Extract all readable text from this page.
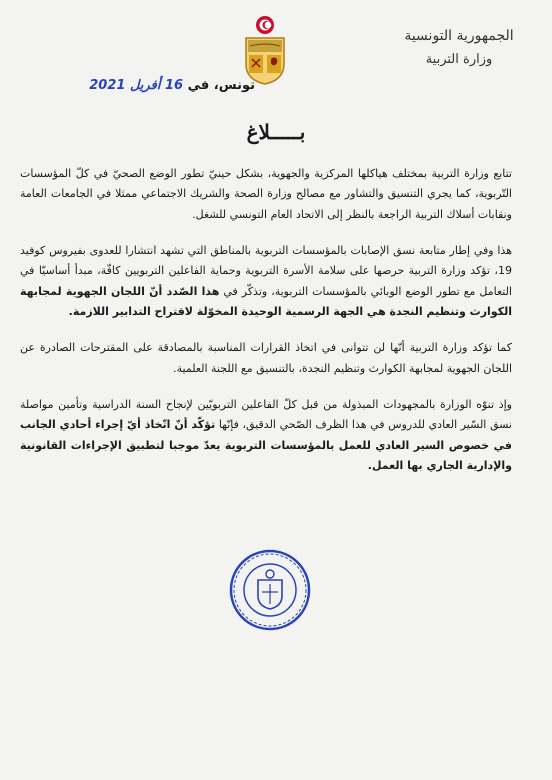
الجمهورية التونسية
وزارة التربية
تونس، في 16 أفريل 2021
بـــــلاغ

تتابع وزارة التربية بمختلف هياكلها المركزية والجهوية، بشكل حينيّ تطور الوضع الصحيّ في كلّ المؤسسات التّربوية، كما يجري التنسيق والتشاور مع مصالح وزارة الصحة والشريك الاجتماعي ممثلا في الجامعات العامة ونقابات أسلاك التربية الراجعة بالنظر إلى الاتحاد العام التونسي للشغل.

هذا وفي إطار متابعة نسق الإصابات بالمؤسسات التربوية بالمناطق التي تشهد انتشارا للعدوى بفيروس كوفيد 19، تؤكد وزارة التربية حرصها على سلامة الأسرة التربوية وحماية الفاعلين التربويين كافّة، مبدأ أساسيّا في التعامل مع تطور الوضع الوبائي بالمؤسسات التربوية، وتذكّر في هذا الصّدد أنّ اللجان الجهوية لمجابهة الكوارث وتنظيم النجدة هي الجهة الرسمية الوحيدة المخوّلة لاقتراح التدابير اللازمة.

كما تؤكد وزارة التربية أنّها لن تتوانى في اتخاذ القرارات المناسبة بالمصادقة على المقترحات الصادرة عن اللجان الجهوية لمجابهة الكوارث وتنظيم النجدة، بالتنسيق مع اللجنة العلمية.

وإذ تنوّه الوزارة بالمجهودات المبذولة من قبل كلّ الفاعلين التربويّين لإنجاح السنة الدراسية وتأمين مواصلة نسق السّير العادي للدروس في هذا الظرف الصّحي الدقيق، فإنّها تؤكّد أنّ اتّخاذ أيّ إجراء أحادي الجانب في خصوص السير العادي للعمل بالمؤسسات التربوية يعدّ موجبا لتطبيق الإجراءات القانونية والإدارية الجاري بها العمل.
